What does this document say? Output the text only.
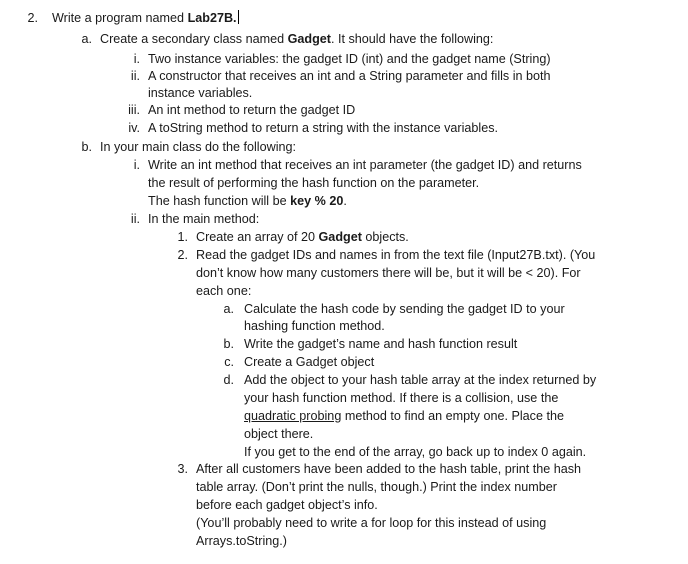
2. Write a program named Lab27B.
a. Create a secondary class named Gadget. It should have the following:
i. Two instance variables: the gadget ID (int) and the gadget name (String)
ii. A constructor that receives an int and a String parameter and fills in both
instance variables.
iii. An int method to return the gadget ID
iv. A toString method to return a string with the instance variables.
b. In your main class do the following:
i. Write an int method that receives an int parameter (the gadget ID) and returns
the result of performing the hash function on the parameter.
The hash function will be key % 20.
ii. In the main method:
1. Create an array of 20 Gadget objects.
2. Read the gadget IDs and names in from the text file (Input27B.txt). (You
don’t know how many customers there will be, but it will be < 20). For
each one:
a. Calculate the hash code by sending the gadget ID to your
hashing function method.
b. Write the gadget’s name and hash function result
c. Create a Gadget object
d. Add the object to your hash table array at the index returned by
your hash function method. If there is a collision, use the
quadratic probing method to find an empty one. Place the
object there.
If you get to the end of the array, go back up to index 0 again.
3. After all customers have been added to the hash table, print the hash
table array. (Don’t print the nulls, though.) Print the index number
before each gadget object’s info.
(You’ll probably need to write a for loop for this instead of using
Arrays.toString.)
